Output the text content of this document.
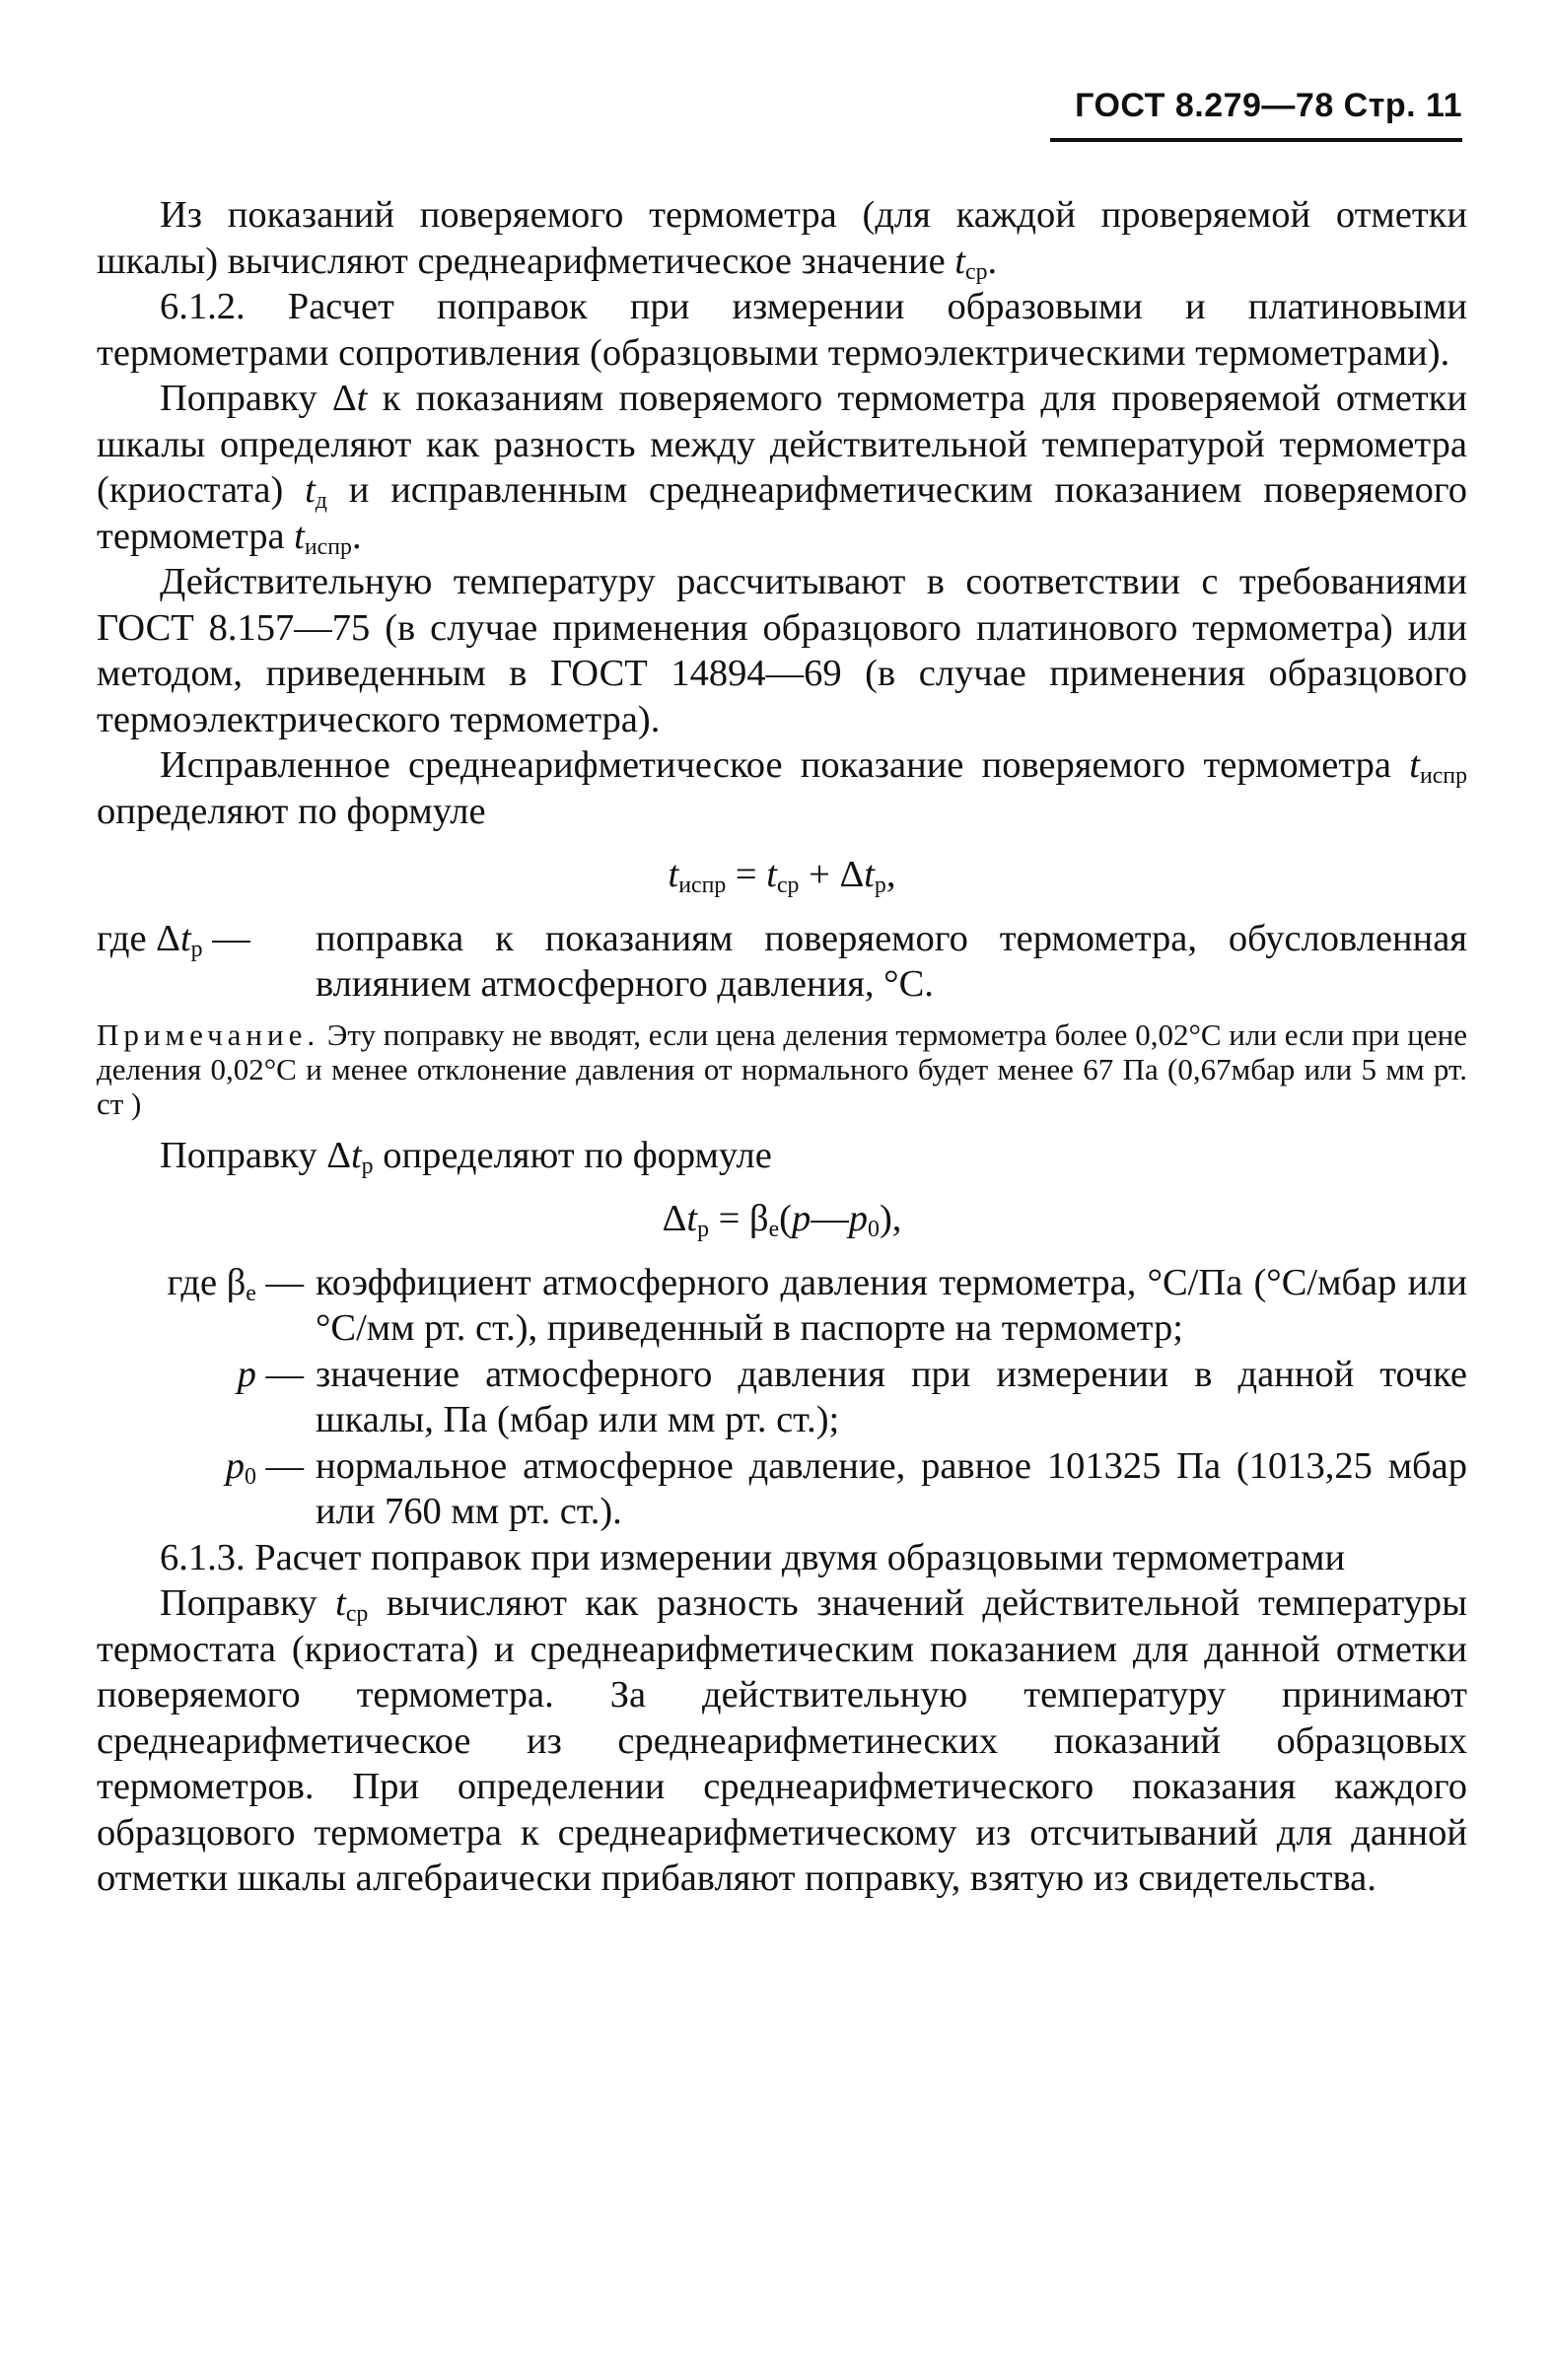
ГОСТ 8.279—78 Стр. 11

Из показаний поверяемого термометра (для каждой проверяемой отметки шкалы) вычисляют среднеарифметическое значение $t_{ср}$.

6.1.2. Расчет поправок при измерении образовыми и платиновыми термометрами сопротивления (образцовыми термоэлектрическими термометрами).

Поправку Δt к показаниям поверяемого термометра для проверяемой отметки шкалы определяют как разность между действительной температурой термометра (криостата) $t_д$ и исправленным среднеарифметическим показанием поверяемого термометра $t_{испр}$.

Действительную температуру рассчитывают в соответствии с требованиями ГОСТ 8.157—75 (в случае применения образцового платинового термометра) или методом, приведенным в ГОСТ 14894—69 (в случае применения образцового термоэлектрического термометра).

Исправленное среднеарифметическое показание поверяемого термометра $t_{испр}$ определяют по формуле

$t_{испр} = t_{ср} + \Delta t_р$,
где $\Delta t_р$ —	поправка к показаниям поверяемого термометра, обусловленная влиянием атмосферного давления, °С.

Примечание. Эту поправку не вводят, если цена деления термометра более 0,02°С или если при цене деления 0,02°С и менее отклонение давления от нормального будет менее 67 Па (0,67мбар или 5 мм рт. ст )

Поправку $\Delta t_р$ определяют по формуле

$\Delta t_р$ = $\beta_е(p—p_0)$,
где $\beta_е$ — коэффициент атмосферного давления термометра, °С/Па (°С/мбар или °С/мм рт. ст.), приведенный в паспорте на термометр;
p — значение атмосферного давления при измерении в данной точке шкалы, Па (мбар или мм рт. ст.);
$p_0$ — нормальное атмосферное давление, равное 101325 Па (1013,25 мбар или 760 мм рт. ст.).

6.1.3. Расчет поправок при измерении двумя образцовыми термометрами

Поправку $t_{ср}$ вычисляют как разность значений действительной температуры термостата (криостата) и среднеарифметическим показанием для данной отметки поверяемого термометра. За действительную температуру принимают среднеарифметическое из среднеарифметинеских показаний образцовых термометров. При определении среднеарифметического показания каждого образцового термометра к среднеарифметическому из отсчитываний для данной отметки шкалы алгебраически прибавляют поправку, взятую из свидетельства.
